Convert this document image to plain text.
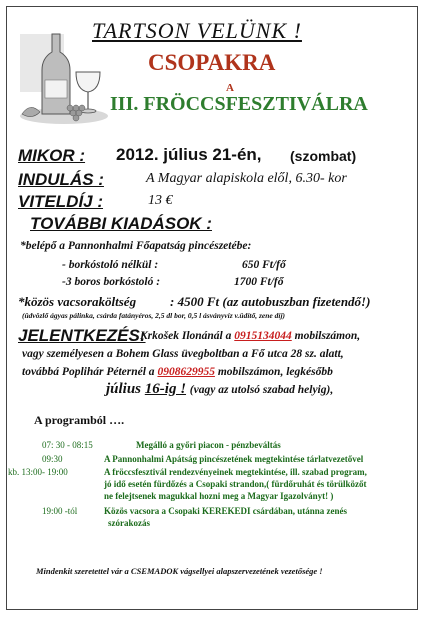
TARTSON VELÜNK !
CSOPAKRA
A
III. FRÖCCSFESZTIVÁLRA
MIKOR : 2012. július 21-én, (szombat)
INDULÁS :	A Magyar alapiskola elől, 6.30- kor
VITELDÍJ :	13 €
TOVÁBBI KIADÁSOK :
*belépő a Pannonhalmi Főapatság pincészetébe:
- borkóstoló nélkül :	650 Ft/fő
-3 boros borkóstoló :	1700 Ft/fő
*közös vacsoraköltség	: 4500 Ft (az autobuszban fizetendő!)
(üdvözlő ágyas pálinka, csárda fatányéros, 2,5 dl bor, 0,5 l ásványvíz v.üdítő, zene díj)
JELENTKEZÉS:
Krkošek Ilonánál a 0915134044 mobilszámon,
vagy személyesen a Bohem Glass üvegboltban a Fő utca 28 sz. alatt,
továbbá Poplihár Péternél a 0908629955 mobilszámon, legkésőbb
július 16-ig ! (vagy az utolsó szabad helyig),
A programból ….
07: 30 - 08:15	Megálló a győri piacon - pénzbeváltás
09:30	A Pannonhalmi Apátság pincészetének megtekintése tárlatvezetővel
kb. 13:00- 19:00	A fröccsfesztivál rendezvényeinek megtekintése, ill. szabad program,
jó idő esetén fürdőzés a Csopaki strandon,( fürdőruhát és törülközőt
ne felejtsenek magukkal hozni meg a Magyar Igazolványt! )
19:00 -tól	Közös vacsora a Csopaki KEREKEDI csárdában, utánna zenés
szórakozás
Mindenkit szeretettel vár a CSEMADOK vágsellyei alapszervezetének vezetősége !
